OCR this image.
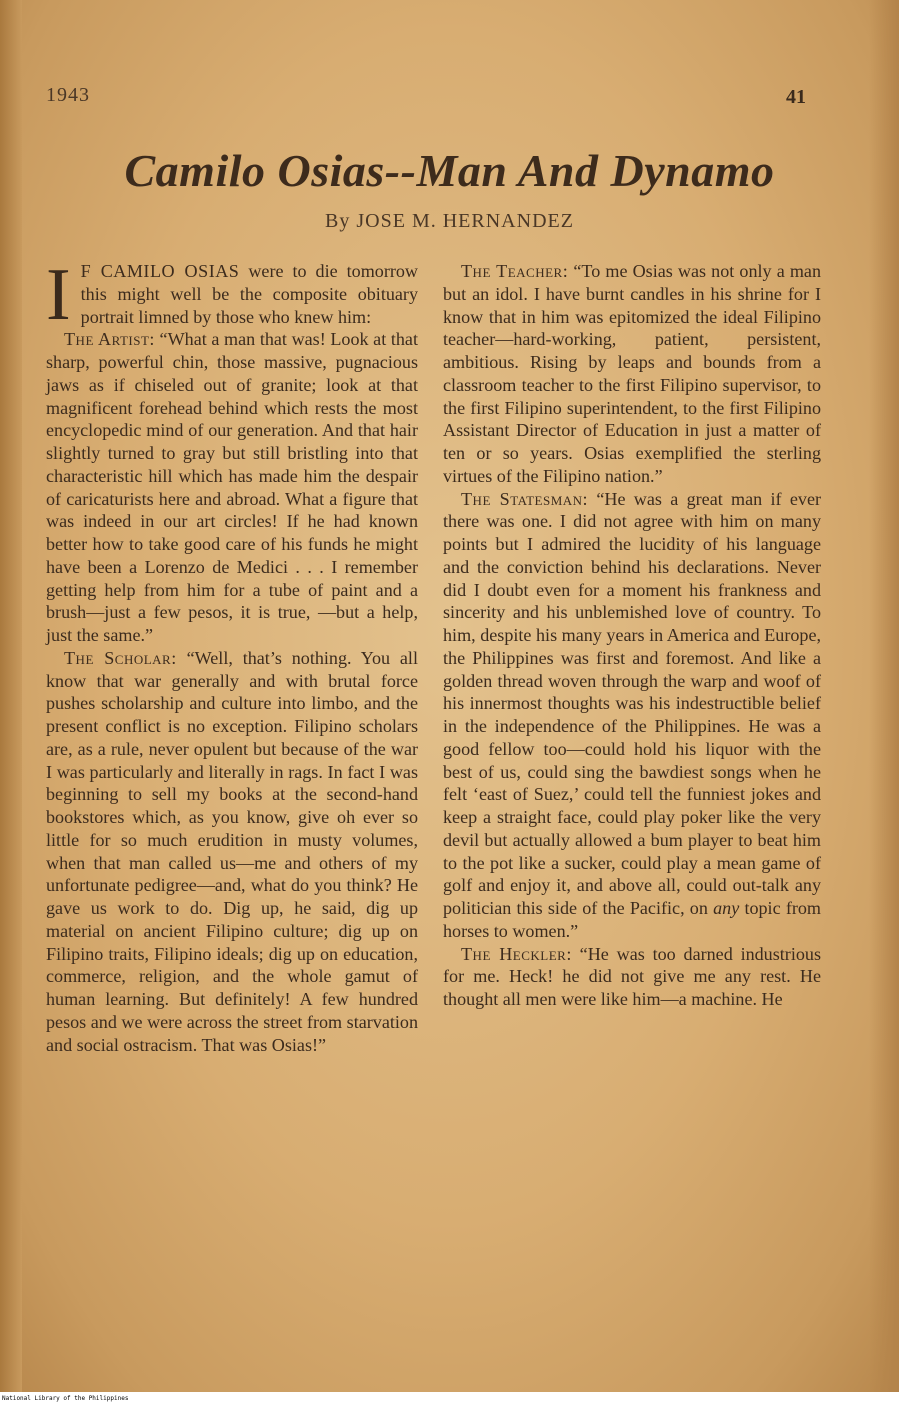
1943	41
Camilo Osias--Man And Dynamo
By JOSE M. HERNANDEZ

I F CAMILO OSIAS were to die tomorrow this might well be the composite obituary portrait limned by those who knew him:

The Artist: “What a man that was! Look at that sharp, powerful chin, those massive, pugnacious jaws as if chiseled out of granite; look at that magnificent forehead behind which rests the most encyclopedic mind of our generation. And that hair slightly turned to gray but still bristling into that characteristic hill which has made him the despair of caricaturists here and abroad. What a figure that was indeed in our art circles! If he had known better how to take good care of his funds he might have been a Lorenzo de Medici . . . I remember getting help from him for a tube of paint and a brush—just a few pesos, it is true, —but a help, just the same.”

The Scholar: “Well, that’s nothing. You all know that war generally and with brutal force pushes scholarship and culture into limbo, and the present conflict is no exception. Filipino scholars are, as a rule, never opulent but because of the war I was particularly and literally in rags. In fact I was beginning to sell my books at the second-hand bookstores which, as you know, give oh ever so little for so much erudition in musty volumes, when that man called us—me and others of my unfortunate pedigree—and, what do you think? He gave us work to do. Dig up, he said, dig up material on ancient Filipino culture; dig up on Filipino traits, Filipino ideals; dig up on education, commerce, religion, and the whole gamut of human learning. But definitely! A few hundred pesos and we were across the street from starvation and social ostracism. That was Osias!”

The Teacher: “To me Osias was not only a man but an idol. I have burnt candles in his shrine for I know that in him was epitomized the ideal Filipino teacher—hard-working, patient, persistent, ambitious. Rising by leaps and bounds from a classroom teacher to the first Filipino supervisor, to the first Filipino superintendent, to the first Filipino Assistant Director of Education in just a matter of ten or so years. Osias exemplified the sterling virtues of the Filipino nation.”

The Statesman: “He was a great man if ever there was one. I did not agree with him on many points but I admired the lucidity of his language and the conviction behind his declarations. Never did I doubt even for a moment his frankness and sincerity and his unblemished love of country. To him, despite his many years in America and Europe, the Philippines was first and foremost. And like a golden thread woven through the warp and woof of his innermost thoughts was his indestructible belief in the independence of the Philippines. He was a good fellow too—could hold his liquor with the best of us, could sing the bawdiest songs when he felt ‘east of Suez,’ could tell the funniest jokes and keep a straight face, could play poker like the very devil but actually allowed a bum player to beat him to the pot like a sucker, could play a mean game of golf and enjoy it, and above all, could out-talk any politician this side of the Pacific, on any topic from horses to women.”

The Heckler: “He was too darned industrious for me. Heck! he did not give me any rest. He thought all men were like him—a machine. He

National Library of the Philippines
